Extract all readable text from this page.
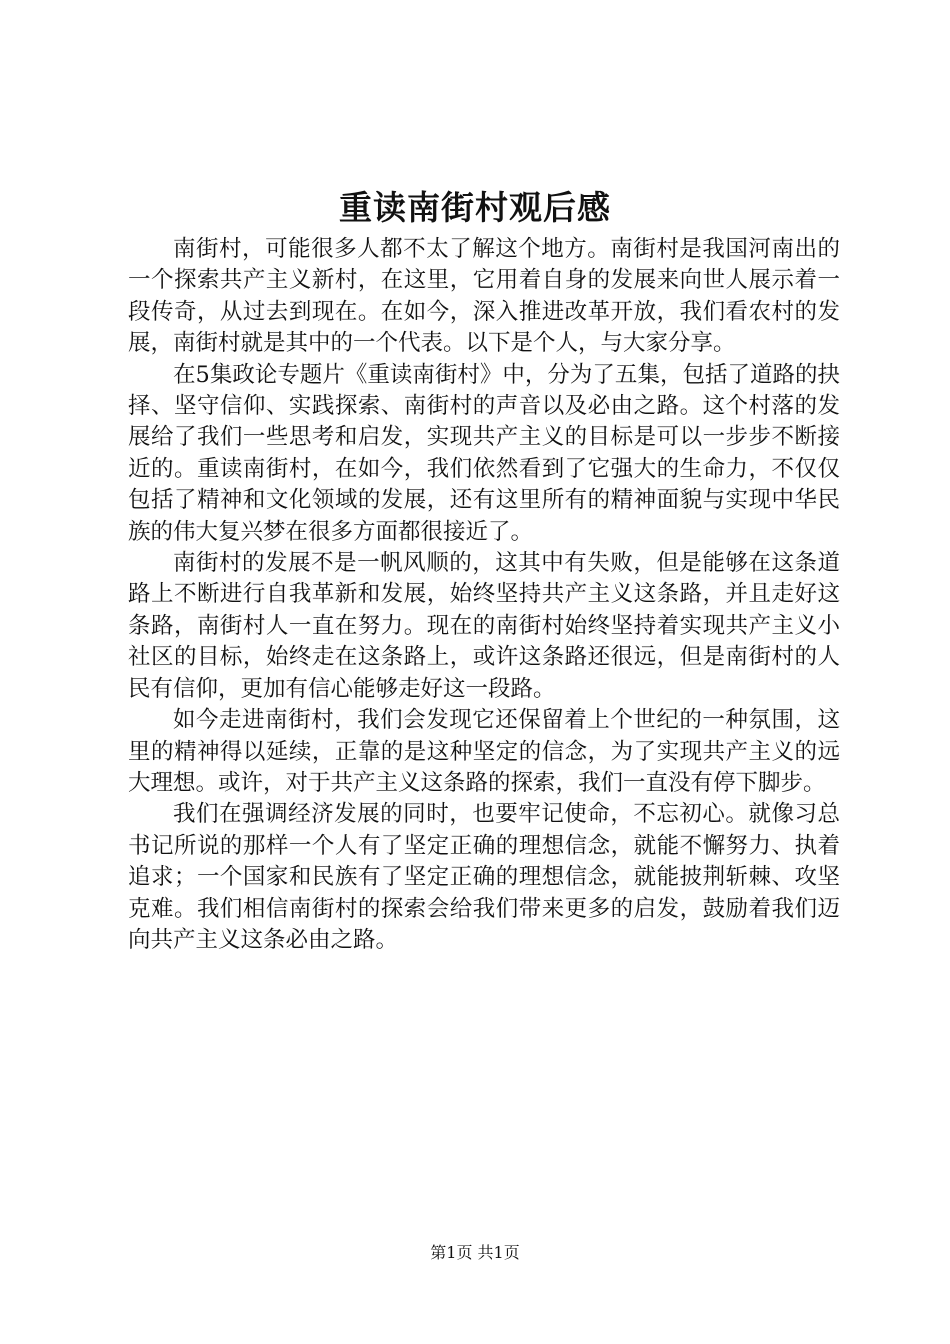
重读南街村观后感

南街村，可能很多人都不太了解这个地方。南街村是我国河南出的一个探索共产主义新村，在这里，它用着自身的发展来向世人展示着一段传奇，从过去到现在。在如今，深入推进改革开放，我们看农村的发展，南街村就是其中的一个代表。以下是个人，与大家分享。

在5集政论专题片《重读南街村》中，分为了五集，包括了道路的抉择、坚守信仰、实践探索、南街村的声音以及必由之路。这个村落的发展给了我们一些思考和启发，实现共产主义的目标是可以一步步不断接近的。重读南街村，在如今，我们依然看到了它强大的生命力，不仅仅包括了精神和文化领域的发展，还有这里所有的精神面貌与实现中华民族的伟大复兴梦在很多方面都很接近了。

南街村的发展不是一帆风顺的，这其中有失败，但是能够在这条道路上不断进行自我革新和发展，始终坚持共产主义这条路，并且走好这条路，南街村人一直在努力。现在的南街村始终坚持着实现共产主义小社区的目标，始终走在这条路上，或许这条路还很远，但是南街村的人民有信仰，更加有信心能够走好这一段路。

如今走进南街村，我们会发现它还保留着上个世纪的一种氛围，这里的精神得以延续，正靠的是这种坚定的信念，为了实现共产主义的远大理想。或许，对于共产主义这条路的探索，我们一直没有停下脚步。

我们在强调经济发展的同时，也要牢记使命，不忘初心。就像习总书记所说的那样一个人有了坚定正确的理想信念，就能不懈努力、执着追求；一个国家和民族有了坚定正确的理想信念，就能披荆斩棘、攻坚克难。我们相信南街村的探索会给我们带来更多的启发，鼓励着我们迈向共产主义这条必由之路。

第1页 共1页
